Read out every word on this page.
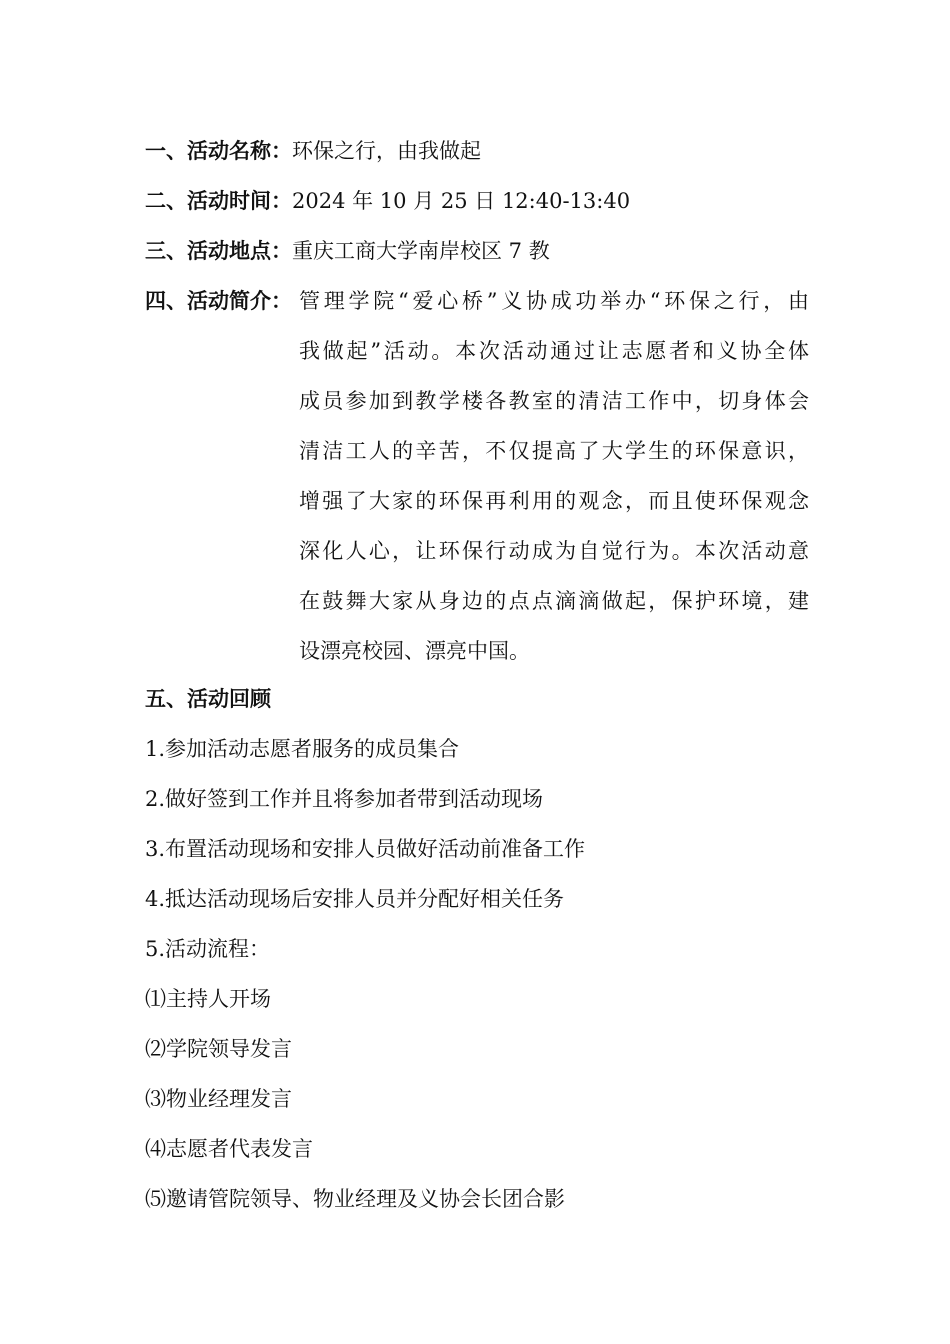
一、活动名称：环保之行，由我做起
二、活动时间：2024 年 10 月 25 日 12:40-13:40
三、活动地点：重庆工商大学南岸校区 7 教
四、活动简介： 管理学院“爱心桥”义协成功举办“环保之行，由
我做起”活动。本次活动通过让志愿者和义协全体
成员参加到教学楼各教室的清洁工作中，切身体会
清洁工人的辛苦，不仅提高了大学生的环保意识，
增强了大家的环保再利用的观念，而且使环保观念
深化人心，让环保行动成为自觉行为。本次活动意
在鼓舞大家从身边的点点滴滴做起，保护环境，建
设漂亮校园、漂亮中国。
五、活动回顾
1.参加活动志愿者服务的成员集合
2.做好签到工作并且将参加者带到活动现场
3.布置活动现场和安排人员做好活动前准备工作
4.抵达活动现场后安排人员并分配好相关任务
5.活动流程：
⑴主持人开场
⑵学院领导发言
⑶物业经理发言
⑷志愿者代表发言
⑸邀请管院领导、物业经理及义协会长团合影
